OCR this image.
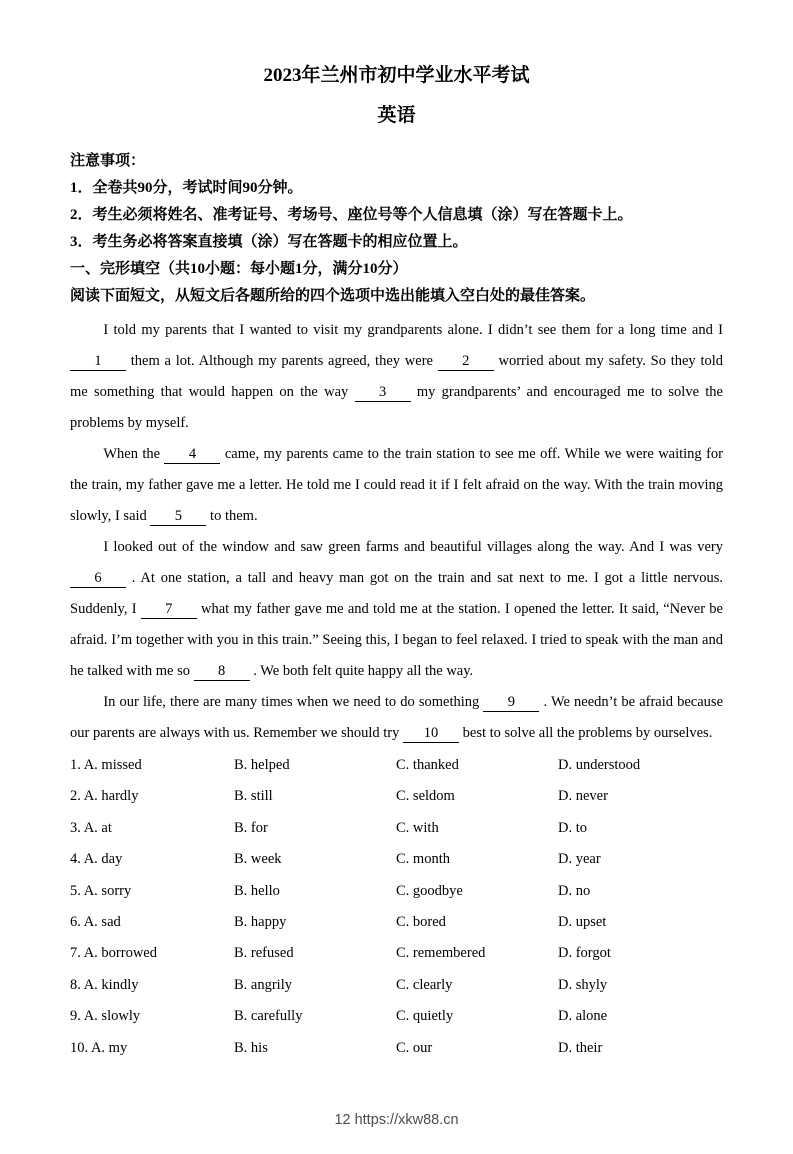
2023年兰州市初中学业水平考试
英语
注意事项：
1．全卷共90分，考试时间90分钟。
2．考生必须将姓名、准考证号、考场号、座位号等个人信息填（涂）写在答题卡上。
3．考生务必将答案直接填（涂）写在答题卡的相应位置上。
一、完形填空（共10小题：每小题1分，满分10分）
阅读下面短文，从短文后各题所给的四个选项中选出能填入空白处的最佳答案。

I told my parents that I wanted to visit my grandparents alone. I didn’t see them for a long time and I 1 them a lot. Although my parents agreed, they were 2 worried about my safety. So they told me something that would happen on the way 3 my grandparents’ and encouraged me to solve the problems by myself.

When the 4 came, my parents came to the train station to see me off. While we were waiting for the train, my father gave me a letter. He told me I could read it if I felt afraid on the way. With the train moving slowly, I said 5 to them.

I looked out of the window and saw green farms and beautiful villages along the way. And I was very 6 . At one station, a tall and heavy man got on the train and sat next to me. I got a little nervous. Suddenly, I 7 what my father gave me and told me at the station. I opened the letter. It said, “Never be afraid. I’m together with you in this train.” Seeing this, I began to feel relaxed. I tried to speak with the man and he talked with me so 8 . We both felt quite happy all the way.

In our life, there are many times when we need to do something 9 . We needn’t be afraid because our parents are always with us. Remember we should try 10 best to solve all the problems by ourselves.

1. A. missed	B. helped	C. thanked	D. understood
2. A. hardly	B. still	C. seldom	D. never
3. A. at	B. for	C. with	D. to
4. A. day	B. week	C. month	D. year
5. A. sorry	B. hello	C. goodbye	D. no
6. A. sad	B. happy	C. bored	D. upset
7. A. borrowed	B. refused	C. remembered	D. forgot
8. A. kindly	B. angrily	C. clearly	D. shyly
9. A. slowly	B. carefully	C. quietly	D. alone
10. A. my	B. his	C. our	D. their
12 https://xkw88.cn
